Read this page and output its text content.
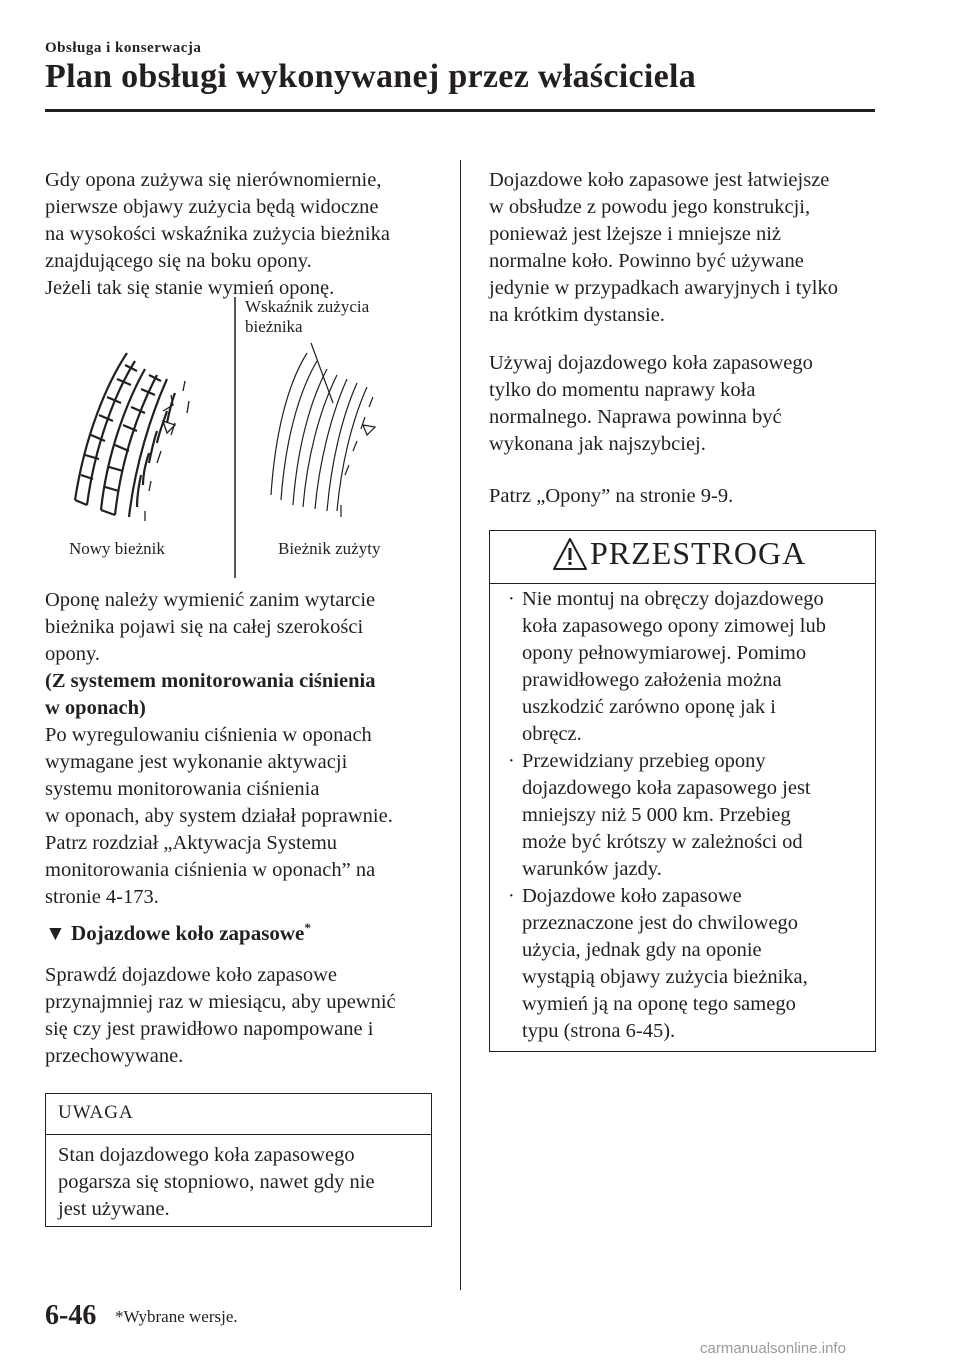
Obsługa i konserwacja
Plan obsługi wykonywanej przez właściciela
Gdy opona zużywa się nierównomiernie,
pierwsze objawy zużycia będą widoczne
na wysokości wskaźnika zużycia bieżnika
znajdującego się na boku opony.
Jeżeli tak się stanie wymień oponę.
Wskaźnik zużycia
bieżnika
Nowy bieżnik	Bieżnik zużyty
Oponę należy wymienić zanim wytarcie
bieżnika pojawi się na całej szerokości
opony.
(Z systemem monitorowania ciśnienia
w oponach)
Po wyregulowaniu ciśnienia w oponach
wymagane jest wykonanie aktywacji
systemu monitorowania ciśnienia
w oponach, aby system działał poprawnie.
Patrz rozdział „Aktywacja Systemu
monitorowania ciśnienia w oponach” na
stronie 4-173.
▼ Dojazdowe koło zapasowe*
Sprawdź dojazdowe koło zapasowe
przynajmniej raz w miesiącu, aby upewnić
się czy jest prawidłowo napompowane i
przechowywane.
UWAGA
Stan dojazdowego koła zapasowego
pogarsza się stopniowo, nawet gdy nie
jest używane.
Dojazdowe koło zapasowe jest łatwiejsze
w obsłudze z powodu jego konstrukcji,
ponieważ jest lżejsze i mniejsze niż
normalne koło. Powinno być używane
jedynie w przypadkach awaryjnych i tylko
na krótkim dystansie.
Używaj dojazdowego koła zapasowego
tylko do momentu naprawy koła
normalnego. Naprawa powinna być
wykonana jak najszybciej.
Patrz „Opony” na stronie 9-9.
PRZESTROGA
· Nie montuj na obręczy dojazdowego
koła zapasowego opony zimowej lub
opony pełnowymiarowej. Pomimo
prawidłowego założenia można
uszkodzić zarówno oponę jak i
obręcz.
· Przewidziany przebieg opony
dojazdowego koła zapasowego jest
mniejszy niż 5 000 km. Przebieg
może być krótszy w zależności od
warunków jazdy.
· Dojazdowe koło zapasowe
przeznaczone jest do chwilowego
użycia, jednak gdy na oponie
wystąpią objawy zużycia bieżnika,
wymień ją na oponę tego samego
typu (strona 6-45).
6-46 *Wybrane wersje.
carmanualsonline.info
